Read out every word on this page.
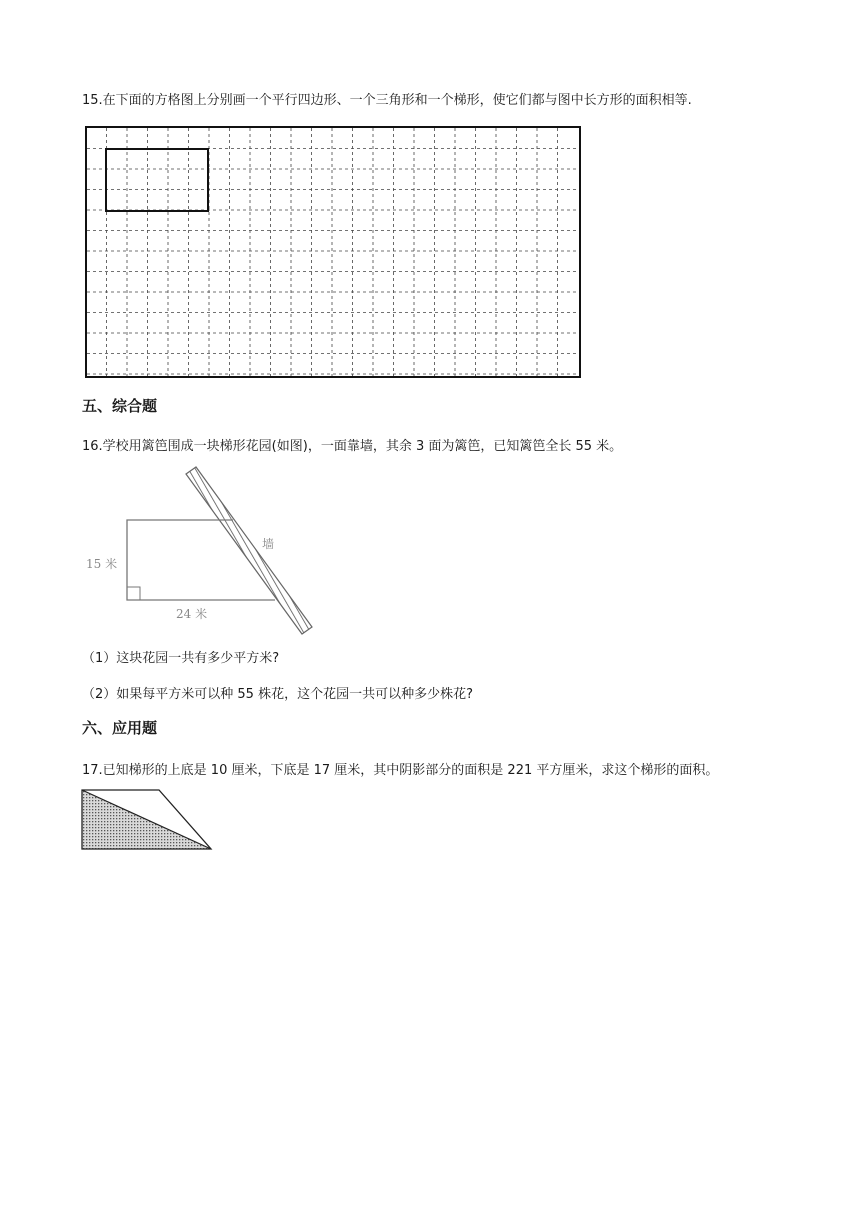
15.在下面的方格图上分别画一个平行四边形、一个三角形和一个梯形，使它们都与图中长方形的面积相等.
五、综合题
16.学校用篱笆围成一块梯形花园(如图)，一面靠墙，其余 3 面为篱笆，已知篱笆全长 55 米。
15 米
24 米
墙
（1）这块花园一共有多少平方米?
（2）如果每平方米可以种 55 株花，这个花园一共可以种多少株花?
六、应用题
17.已知梯形的上底是 10 厘米，下底是 17 厘米，其中阴影部分的面积是 221 平方厘米，求这个梯形的面积。
